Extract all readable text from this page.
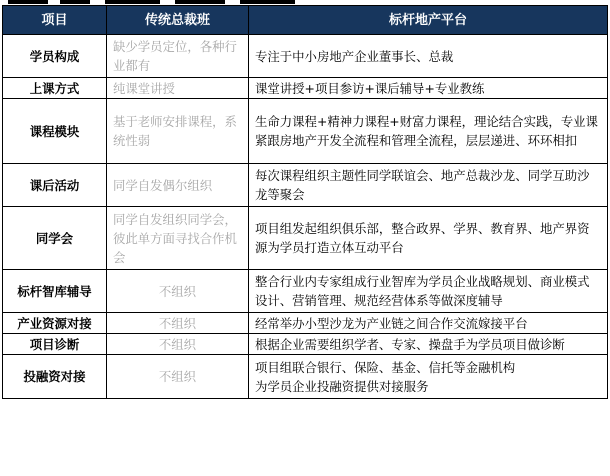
项目	传统总裁班	标杆地产平台
学员构成	缺少学员定位，各种行业都有	专注于中小房地产企业董事长、总裁
上课方式	纯课堂讲授	课堂讲授+项目参访+课后辅导+专业教练
课程模块	基于老师安排课程，系统性弱	生命力课程+精神力课程+财富力课程，理论结合实践，专业课紧跟房地产开发全流程和管理全流程，层层递进、环环相扣
课后活动	同学自发偶尔组织	每次课程组织主题性同学联谊会、地产总裁沙龙、同学互助沙龙等聚会
同学会	同学自发组织同学会，彼此单方面寻找合作机会	项目组发起组织俱乐部，整合政界、学界、教育界、地产界资源为学员打造立体互动平台
标杆智库辅导	不组织	整合行业内专家组成行业智库为学员企业战略规划、商业模式设计、营销管理、规范经营体系等做深度辅导
产业资源对接	不组织	经常举办小型沙龙为产业链之间合作交流嫁接平台
项目诊断	不组织	根据企业需要组织学者、专家、操盘手为学员项目做诊断
投融资对接	不组织	项目组联合银行、保险、基金、信托等金融机构
为学员企业投融资提供对接服务
